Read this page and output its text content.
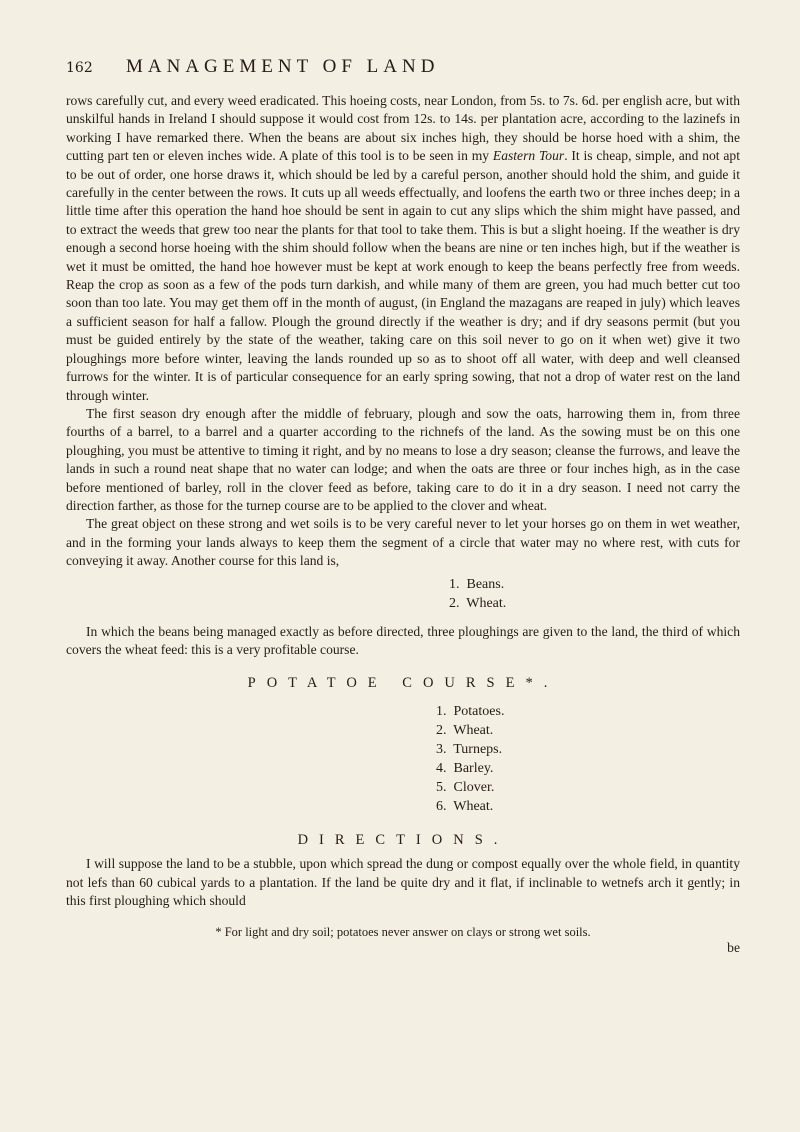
162	MANAGEMENT OF LAND

rows carefully cut, and every weed eradicated. This hoeing costs, near London, from 5s. to 7s. 6d. per english acre, but with unskilful hands in Ireland I should suppose it would cost from 12s. to 14s. per plantation acre, according to the lazinefs in working I have remarked there. When the beans are about six inches high, they should be horse hoed with a shim, the cutting part ten or eleven inches wide. A plate of this tool is to be seen in my Eastern Tour. It is cheap, simple, and not apt to be out of order, one horse draws it, which should be led by a careful person, another should hold the shim, and guide it carefully in the center between the rows. It cuts up all weeds effectually, and loofens the earth two or three inches deep; in a little time after this operation the hand hoe should be sent in again to cut any slips which the shim might have passed, and to extract the weeds that grew too near the plants for that tool to take them. This is but a slight hoeing. If the weather is dry enough a second horse hoeing with the shim should follow when the beans are nine or ten inches high, but if the weather is wet it must be omitted, the hand hoe however must be kept at work enough to keep the beans perfectly free from weeds. Reap the crop as soon as a few of the pods turn darkish, and while many of them are green, you had much better cut too soon than too late. You may get them off in the month of august, (in England the mazagans are reaped in july) which leaves a sufficient season for half a fallow. Plough the ground directly if the weather is dry; and if dry seasons permit (but you must be guided entirely by the state of the weather, taking care on this soil never to go on it when wet) give it two ploughings more before winter, leaving the lands rounded up so as to shoot off all water, with deep and well cleansed furrows for the winter. It is of particular consequence for an early spring sowing, that not a drop of water rest on the land through winter.

The first season dry enough after the middle of february, plough and sow the oats, harrowing them in, from three fourths of a barrel, to a barrel and a quarter according to the richnefs of the land. As the sowing must be on this one ploughing, you must be attentive to timing it right, and by no means to lose a dry season; cleanse the furrows, and leave the lands in such a round neat shape that no water can lodge; and when the oats are three or four inches high, as in the case before mentioned of barley, roll in the clover feed as before, taking care to do it in a dry season. I need not carry the direction farther, as those for the turnep course are to be applied to the clover and wheat.

The great object on these strong and wet soils is to be very careful never to let your horses go on them in wet weather, and in the forming your lands always to keep them the segment of a circle that water may no where rest, with cuts for conveying it away. Another course for this land is,

1. Beans.
2. Wheat.

In which the beans being managed exactly as before directed, three ploughings are given to the land, the third of which covers the wheat feed: this is a very profitable course.

POTATOE COURSE*.
1. Potatoes.
2. Wheat.
3. Turneps.
4. Barley.
5. Clover.
6. Wheat.
DIRECTIONS.

I will suppose the land to be a stubble, upon which spread the dung or compost equally over the whole field, in quantity not lefs than 60 cubical yards to a plantation. If the land be quite dry and it flat, if inclinable to wetnefs arch it gently; in this first ploughing which should

* For light and dry soil; potatoes never answer on clays or strong wet soils.
be
